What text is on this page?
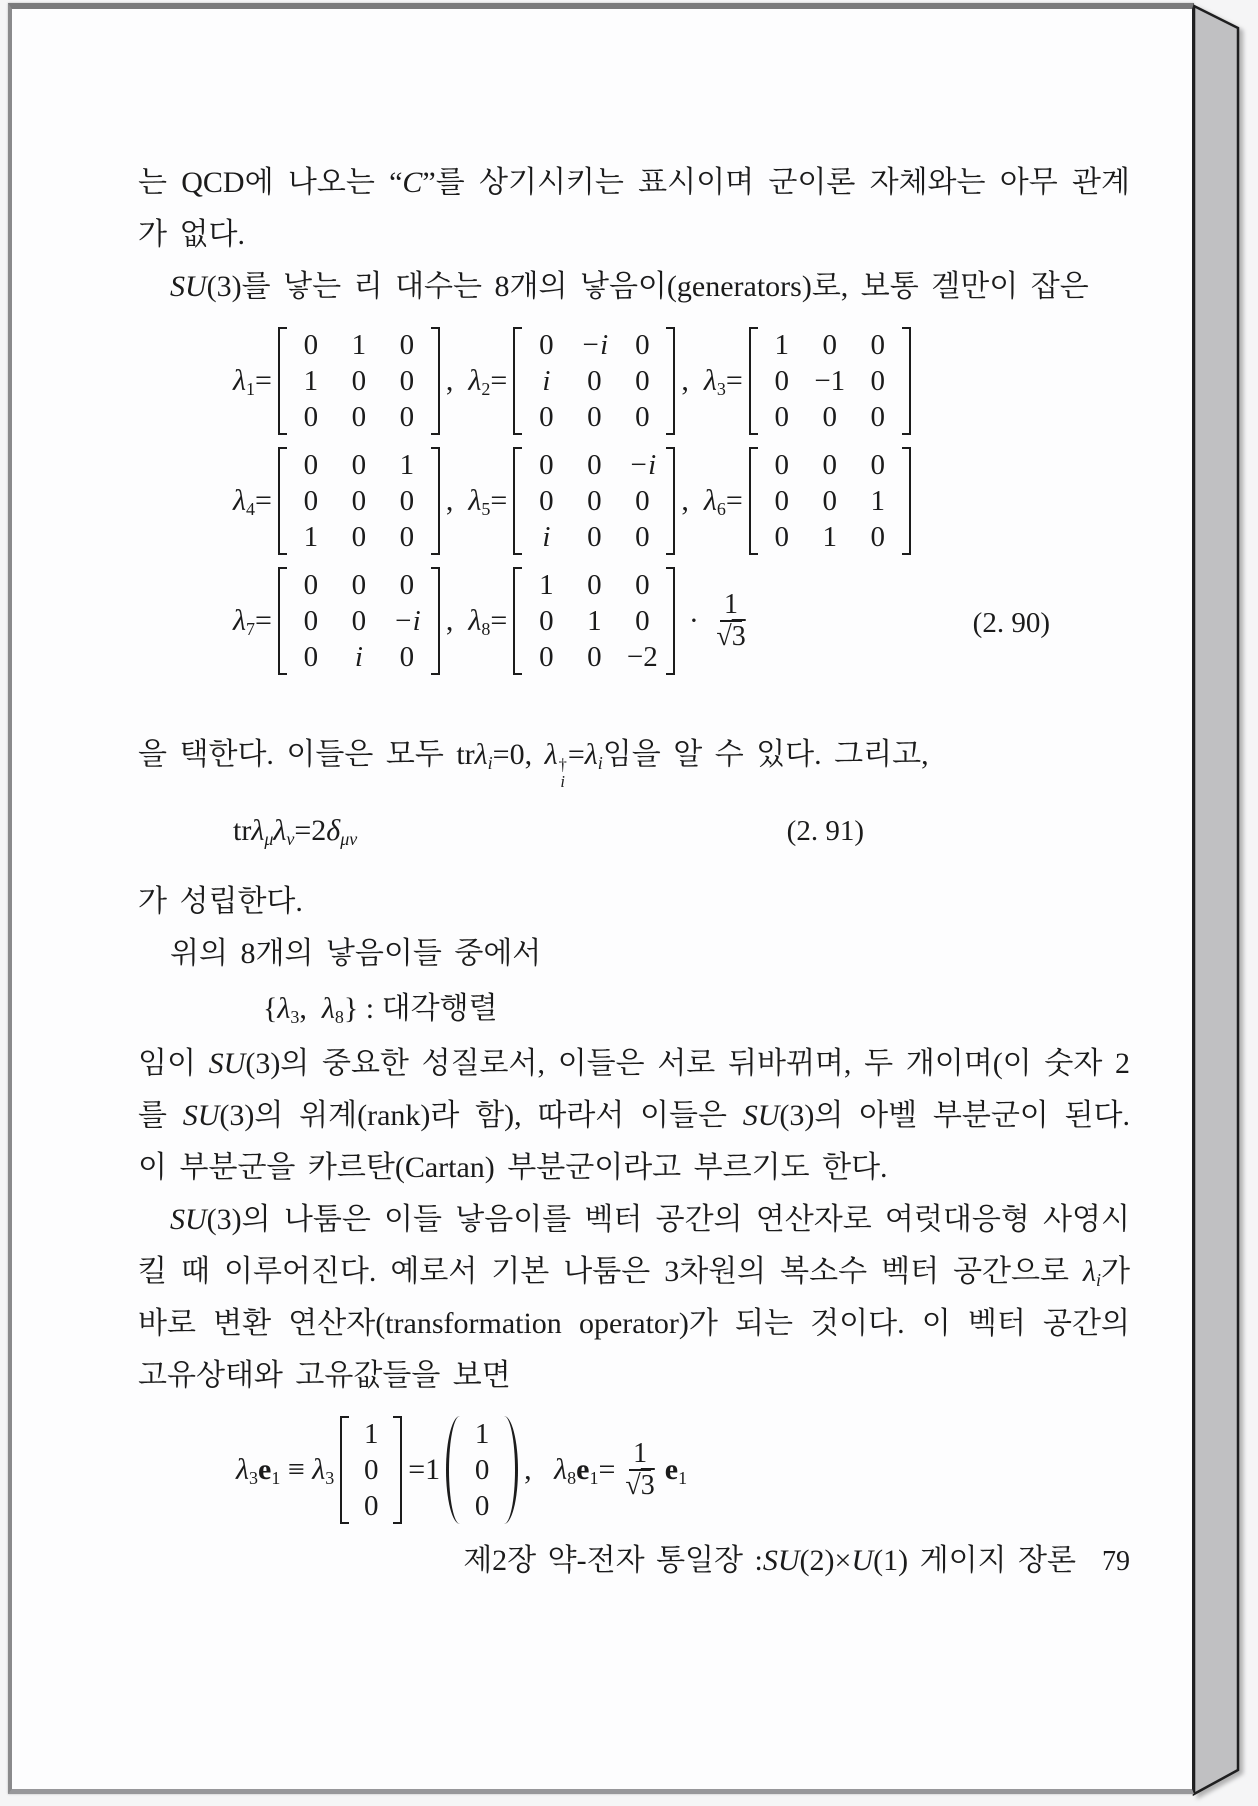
는 QCD에 나오는 “C”를 상기시키는 표시이며 군이론 자체와는 아무 관계가 없다.

SU(3)를 낳는 리 대수는 8개의 낳음이(generators)로, 보통 겔만이 잡은

$\lambda_1=$
0	1	0
1	0	0
0	0	0
, $\lambda_2=$
0 −i 0
i	0	0
0	0	0
, $\lambda_3=$
1	0	0
0 −1 0
0	0	0
$\lambda_4=$
0	0	1
0	0	0
1	0	0
, $\lambda_5=$
0	0 −i
0	0	0
i	0	0
, $\lambda_6=$
0	0	0
0	0	1
0	1	0
$\lambda_7=$
0	0	0
0	0 −i
0	i	0
, $\lambda_8=$
1	0	0
0	1	0
0	0 −2
· $\frac{1}{√3}$	(2. 90)

을 택한다. 이들은 모두 trλ$_i$=0, λ †
i
$=\lambda_i$임을 알 수 있다. 그리고,

$tr\lambda_\mu\lambda_\nu=2\delta_{\mu\nu}$	(2. 91)

가 성립한다.

위의 8개의 낳음이들 중에서

{$\lambda_3$,  $\lambda_8$} : 대각행렬

임이 SU(3)의 중요한 성질로서, 이들은 서로 뒤바뀌며, 두 개이며(이 숫자 2를 SU(3)의 위계(rank)라 함), 따라서 이들은 SU(3)의 아벨 부분군이 된다. 이 부분군을 카르탄(Cartan) 부분군이라고 부르기도 한다.

SU(3)의 나툼은 이들 낳음이를 벡터 공간의 연산자로 여럿대응형 사영시킬 때 이루어진다. 예로서 기본 나툼은 3차원의 복소수 벡터 공간으로 $\lambda_i$가 바로 변환 연산자(transformation operator)가 되는 것이다. 이 벡터 공간의 고유상태와 고유값들을 보면

$\lambda_3e_1 \equiv \lambda_3$
1
0
0
=1
1
0
0
,   $\lambda_8e_1= \frac{1}{√3} e_1$
제2장 약-전자 통일장 : SU (2)× U (1) 게이지 장론 79
